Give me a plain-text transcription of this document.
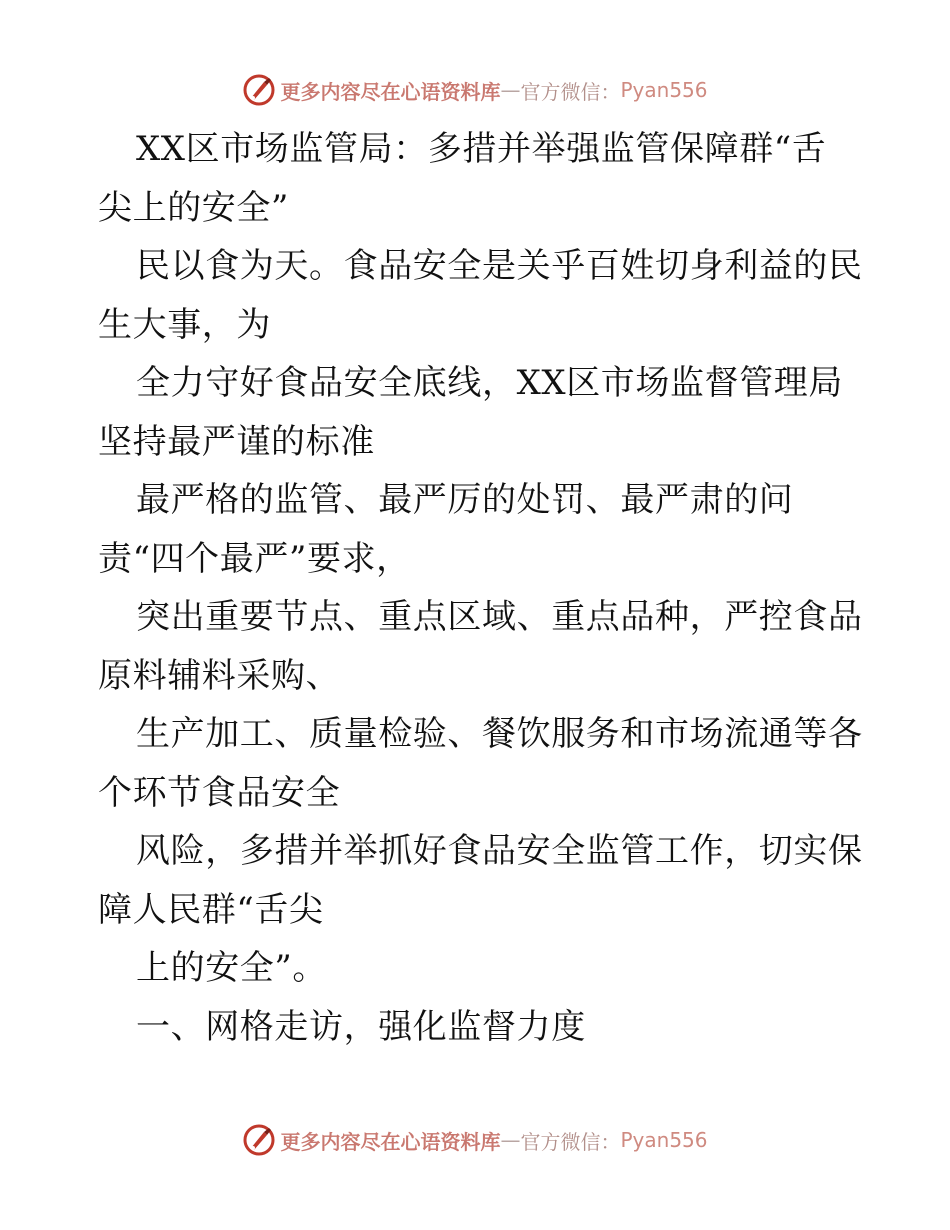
更多内容尽在心语资料库 — 官方微信： Pyan556
XX区市场监管局：多措并举强监管保障群“舌
尖上的安全”
民以食为天。食品安全是关乎百姓切身利益的民
生大事，为
全力守好食品安全底线，XX区市场监督管理局
坚持最严谨的标准
最严格的监管、最严厉的处罚、最严肃的问
责“四个最严”要求，
突出重要节点、重点区域、重点品种，严控食品
原料辅料采购、
生产加工、质量检验、餐饮服务和市场流通等各
个环节食品安全
风险，多措并举抓好食品安全监管工作，切实保
障人民群“舌尖
上的安全”。
一、网格走访，强化监督力度
更多内容尽在心语资料库 — 官方微信： Pyan556
